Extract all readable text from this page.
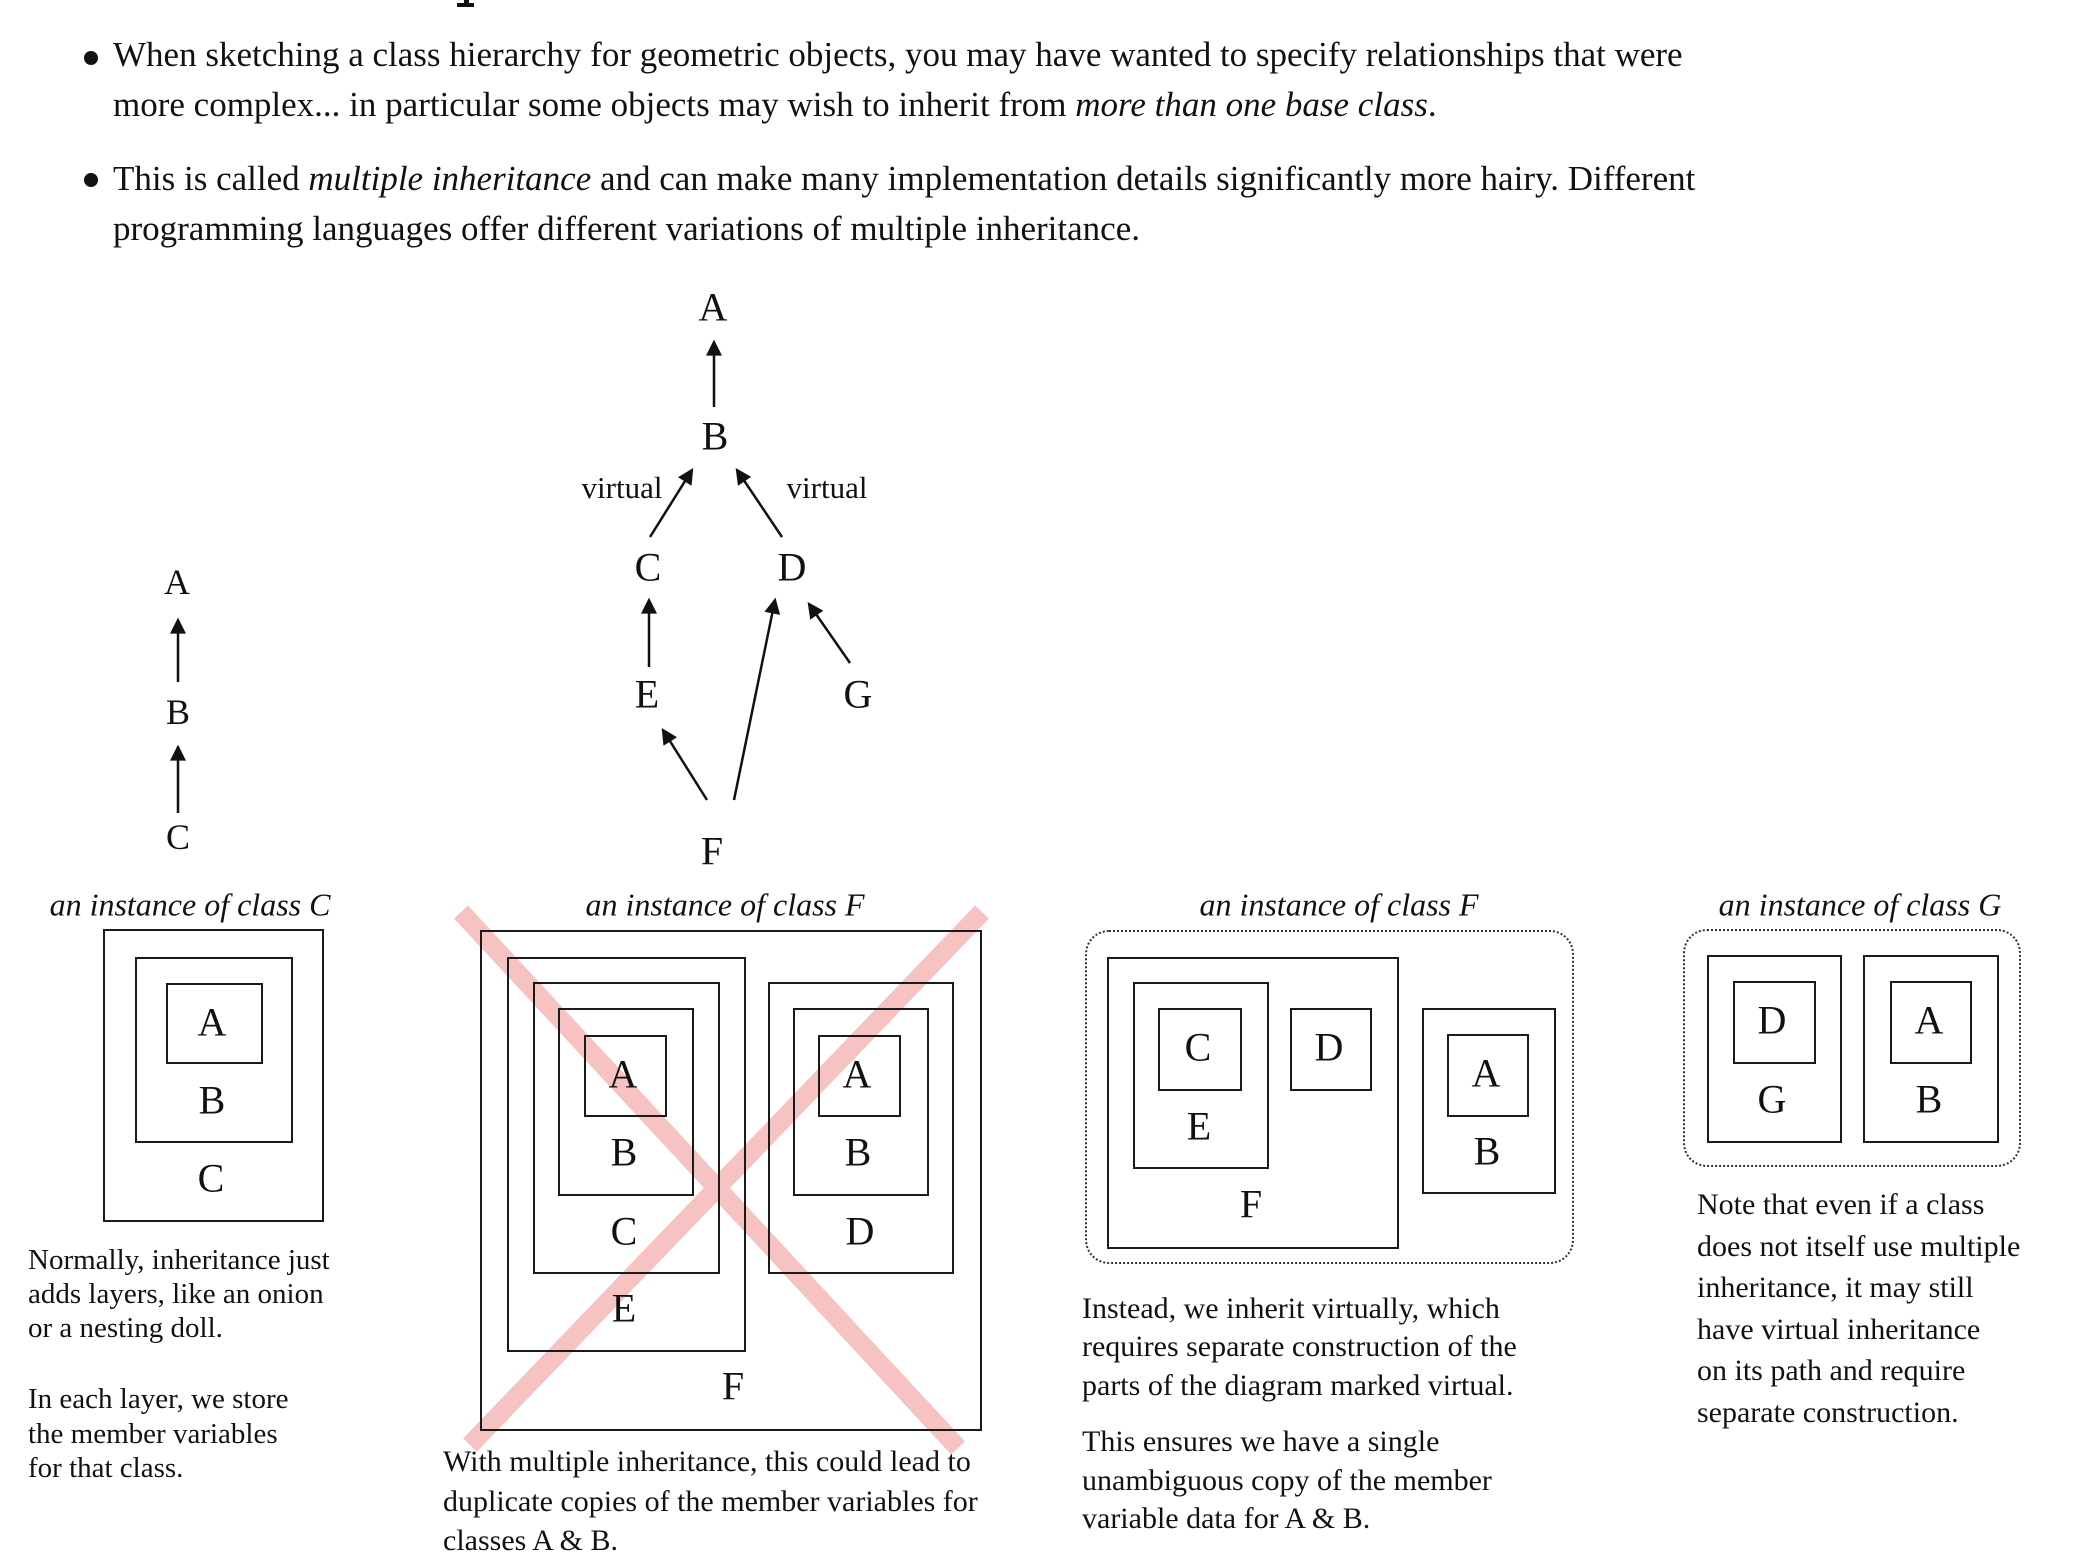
When sketching a class hierarchy for geometric objects, you may have wanted to specify relationships that were
more complex... in particular some objects may wish to inherit from more than one base class.
This is called multiple inheritance and can make many implementation details significantly more hairy. Different
programming languages offer different variations of multiple inheritance.
A
B
C
A
B
virtual	virtual
C	D
E	G
F
an instance of class C
A
B
C
Normally, inheritance just
adds layers, like an onion
or a nesting doll.
In each layer, we store
the member variables
for that class.
an instance of class F
A
B
C
E
F
A
B
D
With multiple inheritance, this could lead to
duplicate copies of the member variables for
classes A & B.
an instance of class F
C	D
E
F
A
B
Instead, we inherit virtually, which
requires separate construction of the
parts of the diagram marked virtual.
This ensures we have a single
unambiguous copy of the member
variable data for A & B.
an instance of class G
D
G
A
B
Note that even if a class
does not itself use multiple
inheritance, it may still
have virtual inheritance
on its path and require
separate construction.
